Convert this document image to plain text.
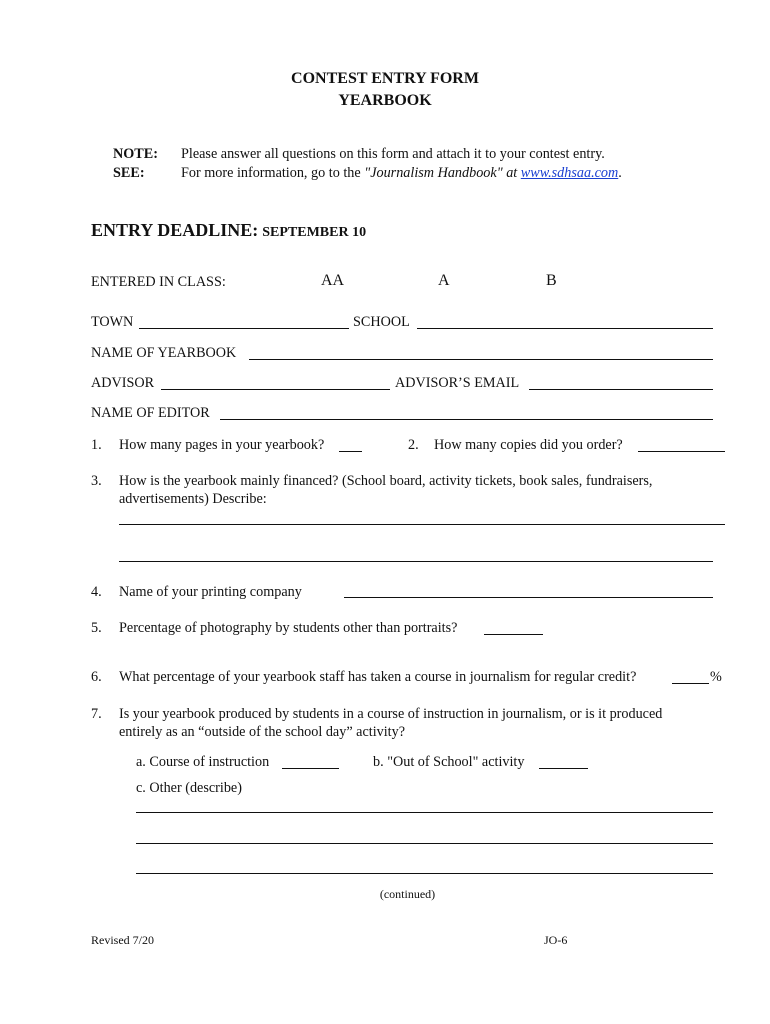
CONTEST ENTRY FORM
YEARBOOK
NOTE: Please answer all questions on this form and attach it to your contest entry.
SEE:	For more information, go to the "Journalism Handbook" at www.sdhsaa.com.
ENTRY DEADLINE: SEPTEMBER 10
ENTERED IN CLASS:	AA	A	B
TOWN	SCHOOL
NAME OF YEARBOOK
ADVISOR	ADVISOR’S EMAIL
NAME OF EDITOR
1. How many pages in your yearbook?	2. How many copies did you order?
3. How is the yearbook mainly financed? (School board, activity tickets, book sales, fundraisers,
advertisements) Describe:
4. Name of your printing company
5. Percentage of photography by students other than portraits?
6. What percentage of your yearbook staff has taken a course in journalism for regular credit?	%
7. Is your yearbook produced by students in a course of instruction in journalism, or is it produced
entirely as an “outside of the school day” activity?
a. Course of instruction	b. "Out of School" activity
c. Other (describe)
(continued)
Revised 7/20	JO-6
